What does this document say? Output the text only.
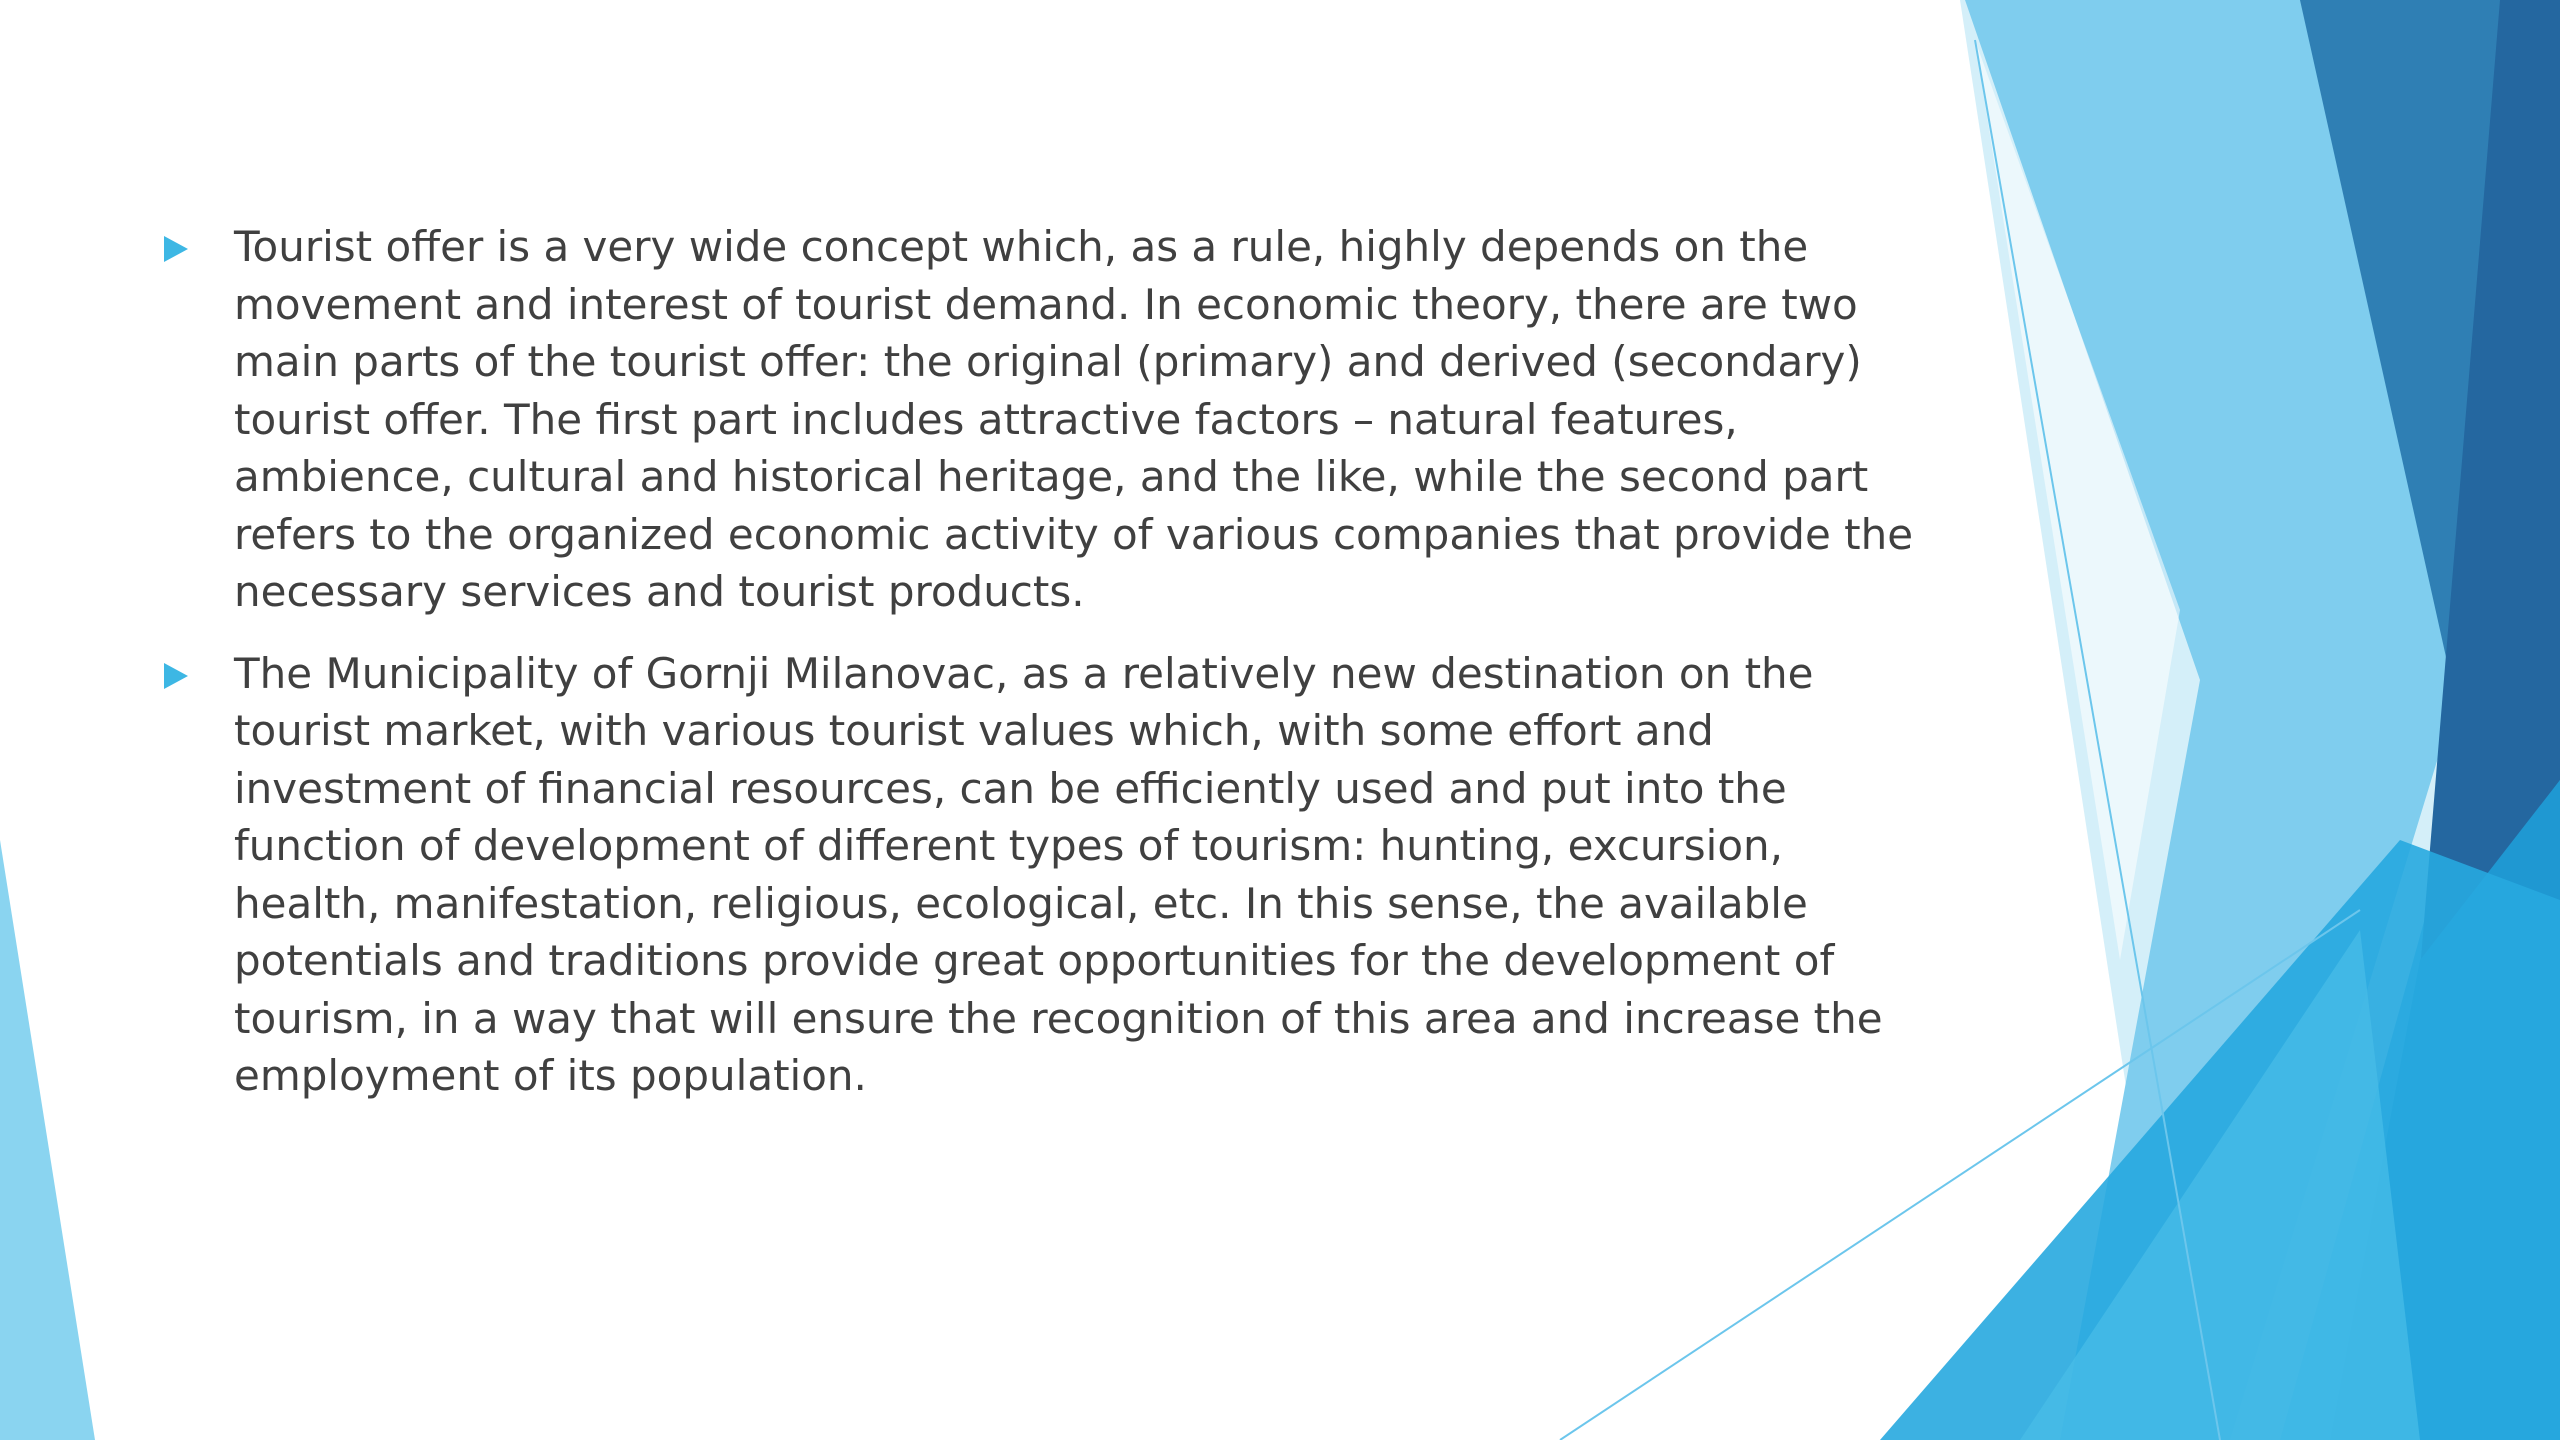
Tourist offer is a very wide concept which, as a rule, highly depends on the movement and interest of tourist demand. In economic theory, there are two main parts of the tourist offer: the original (primary) and derived (secondary) tourist offer. The first part includes attractive factors – natural features, ambience, cultural and historical heritage, and the like, while the second part refers to the organized economic activity of various companies that provide the necessary services and tourist products.
The Municipality of Gornji Milanovac, as a relatively new destination on the tourist market, with various tourist values which, with some effort and investment of financial resources, can be efficiently used and put into the function of development of different types of tourism: hunting, excursion, health, manifestation, religious, ecological, etc. In this sense, the available potentials and traditions provide great opportunities for the development of tourism, in a way that will ensure the recognition of this area and increase the employment of its population.
